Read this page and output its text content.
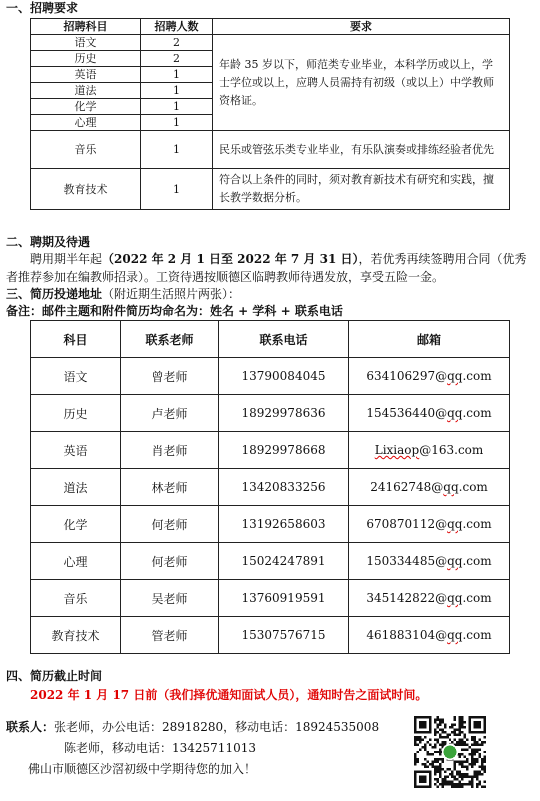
一、招聘要求
招聘科目	招聘人数	要求
语文	2	年龄 35 岁以下，师范类专业毕业，本科学历或以上，学士学位或以上，应聘人员需持有初级（或以上）中学教师资格证。
历史	2	
英语	1	
道法	1	
化学	1	
心理	1	
音乐	1	民乐或管弦乐类专业毕业，有乐队演奏或排练经验者优先
教育技术	1	符合以上条件的同时，须对教育新技术有研究和实践，擅长教学数据分析。
二、聘期及待遇
聘用期半年起（2022 年 2 月 1 日至 2022 年 7 月 31 日），若优秀再续签聘用合同（优秀者推荐参加在编教师招录）。工资待遇按顺德区临聘教师待遇发放，享受五险一金。
三、简历投递地址（附近期生活照片两张）：
备注：邮件主题和附件简历均命名为：姓名 + 学科 + 联系电话
科目	联系老师	联系电话	邮箱
语文	曾老师	13790084045	634106297@qq.com
历史	卢老师	18929978636	154536440@qq.com
英语	肖老师	18929978668	Lixiaop@163.com
道法	林老师	13420833256	24162748@qq.com
化学	何老师	13192658603	670870112@qq.com
心理	何老师	15024247891	150334485@qq.com
音乐	吴老师	13760919591	345142822@qq.com
教育技术	管老师	15307576715	461883104@qq.com
四、简历截止时间
2022 年 1 月 17 日前（我们择优通知面试人员），通知时告之面试时间。
联系人：张老师，办公电话：28918280，移动电话：18924535008
陈老师，移动电话：13425711013
佛山市顺德区沙滘初级中学期待您的加入！
